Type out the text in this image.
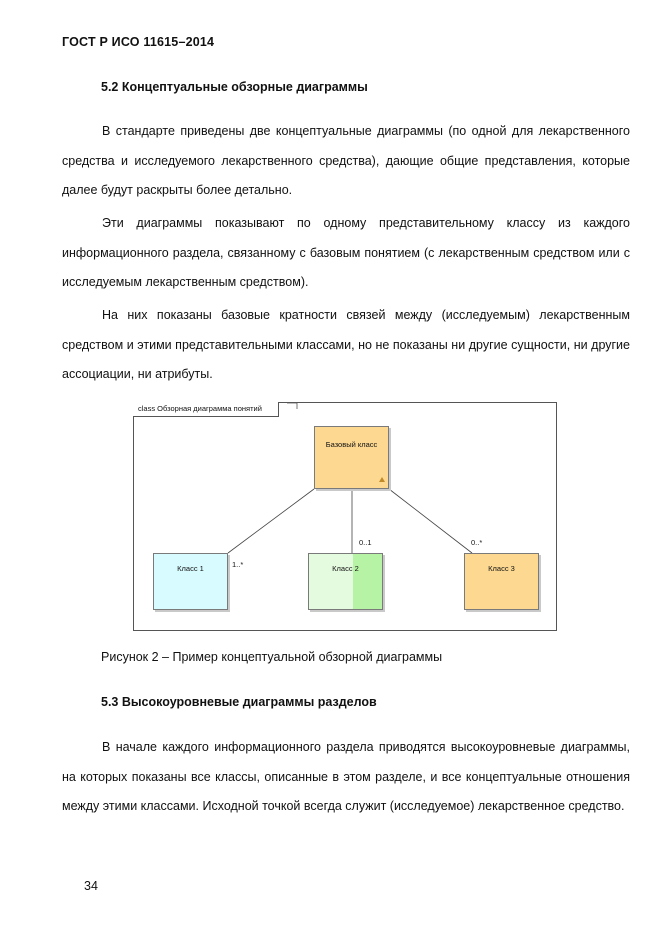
ГОСТ Р ИСО 11615–2014
5.2 Концептуальные обзорные диаграммы

В стандарте приведены две концептуальные диаграммы (по одной для лекарственного средства и исследуемого лекарственного средства), дающие общие представления, которые далее будут раскрыты более детально.

Эти диаграммы показывают по одному представительному классу из каждого информационного раздела, связанному с базовым понятием (с лекарственным средством или с исследуемым лекарственным средством).

На них показаны базовые кратности связей между (исследуемым) лекарственным средством и этими представительными классами, но не показаны ни другие сущности, ни другие ассоциации, ни атрибуты.

class Обзорная диаграмма понятий
Базовый класс
Класс 1	Класс 2	Класс 3
1..*
0..1	0..*
Рисунок 2 – Пример концептуальной обзорной диаграммы
5.3 Высокоуровневые диаграммы разделов

В начале каждого информационного раздела приводятся высокоуровневые диаграммы, на которых показаны все классы, описанные в этом разделе, и все концептуальные отношения между этими классами. Исходной точкой всегда служит (исследуемое) лекарственное средство.

34
